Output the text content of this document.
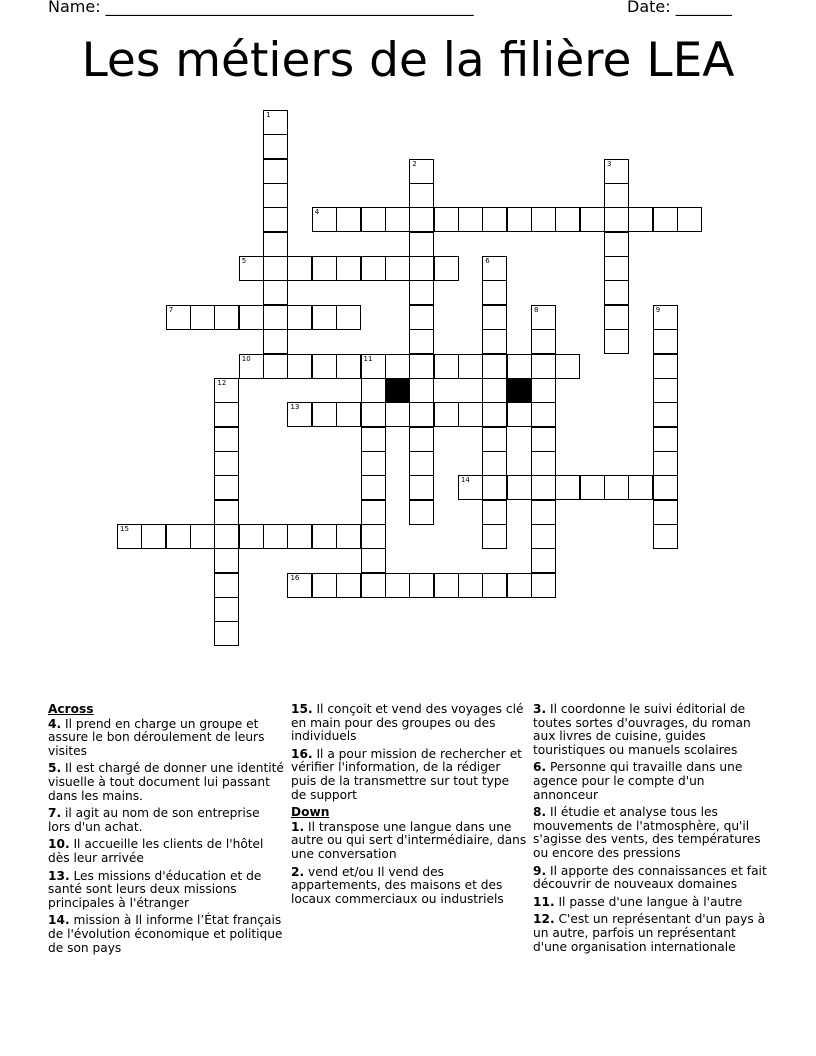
Name: ______________________________________________	Date: _______
Les métiers de la filière LEA
1
2	3
4
5	6
7	8	9
10	11
12
13
14
15
16
Across
4. Il prend en charge un groupe et assure le bon déroulement de leurs visites
5. Il est chargé de donner une identité visuelle à tout document lui passant dans les mains.
7. il agit au nom de son entreprise lors d'un achat.
10. Il accueille les clients de l'hôtel dès leur arrivée
13. Les missions d'éducation et de santé sont leurs deux missions principales à l'étranger
14. mission à Il informe l’État français de l'évolution économique et politique de son pays
15. Il conçoit et vend des voyages clé en main pour des groupes ou des individuels
16. Il a pour mission de rechercher et vérifier l'information, de la rédiger puis de la transmettre sur tout type de support
Down
1. Il transpose une langue dans une autre ou qui sert d'intermédiaire, dans une conversation
2. vend et/ou Il vend des appartements, des maisons et des locaux commerciaux ou industriels
3. Il coordonne le suivi éditorial de toutes sortes d'ouvrages, du roman aux livres de cuisine, guides touristiques ou manuels scolaires
6. Personne qui travaille dans une agence pour le compte d'un annonceur
8. Il étudie et analyse tous les mouvements de l'atmosphère, qu'il s'agisse des vents, des températures ou encore des pressions
9. Il apporte des connaissances et fait découvrir de nouveaux domaines
11. Il passe d'une langue à l'autre
12. C'est un représentant d'un pays à un autre, parfois un représentant d'une organisation internationale
